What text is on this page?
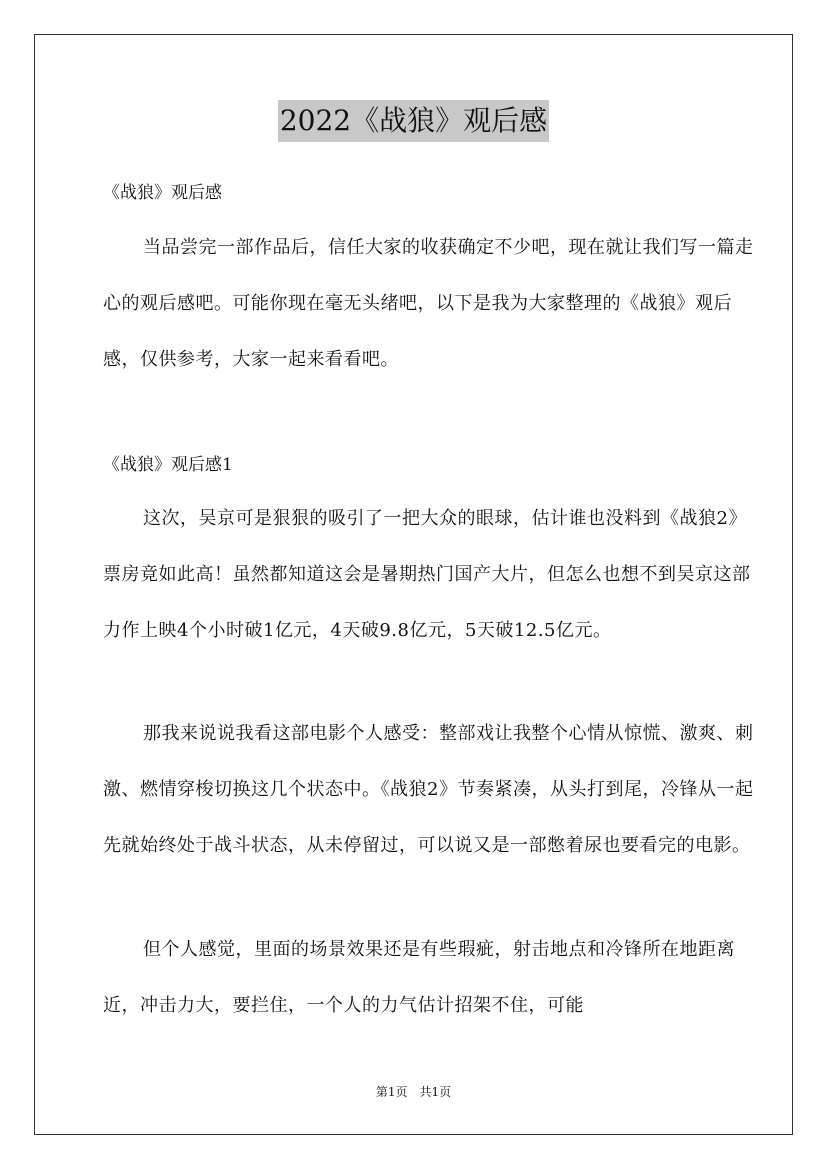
2022《战狼》观后感

《战狼》观后感

当品尝完一部作品后，信任大家的收获确定不少吧，现在就让我们写一篇走心的观后感吧。可能你现在毫无头绪吧，以下是我为大家整理的《战狼》观后感，仅供参考，大家一起来看看吧。

《战狼》观后感1

这次，吴京可是狠狠的吸引了一把大众的眼球，估计谁也没料到《战狼2》票房竟如此高！虽然都知道这会是暑期热门国产大片，但怎么也想不到吴京这部力作上映4个小时破1亿元，4天破9.8亿元，5天破12.5亿元。

那我来说说我看这部电影个人感受：整部戏让我整个心情从惊慌、激爽、刺激、燃情穿梭切换这几个状态中。《战狼2》节奏紧凑，从头打到尾，冷锋从一起先就始终处于战斗状态，从未停留过，可以说又是一部憋着尿也要看完的电影。

但个人感觉，里面的场景效果还是有些瑕疵，射击地点和冷锋所在地距离近，冲击力大，要拦住，一个人的力气估计招架不住，可能

第1页　共1页
